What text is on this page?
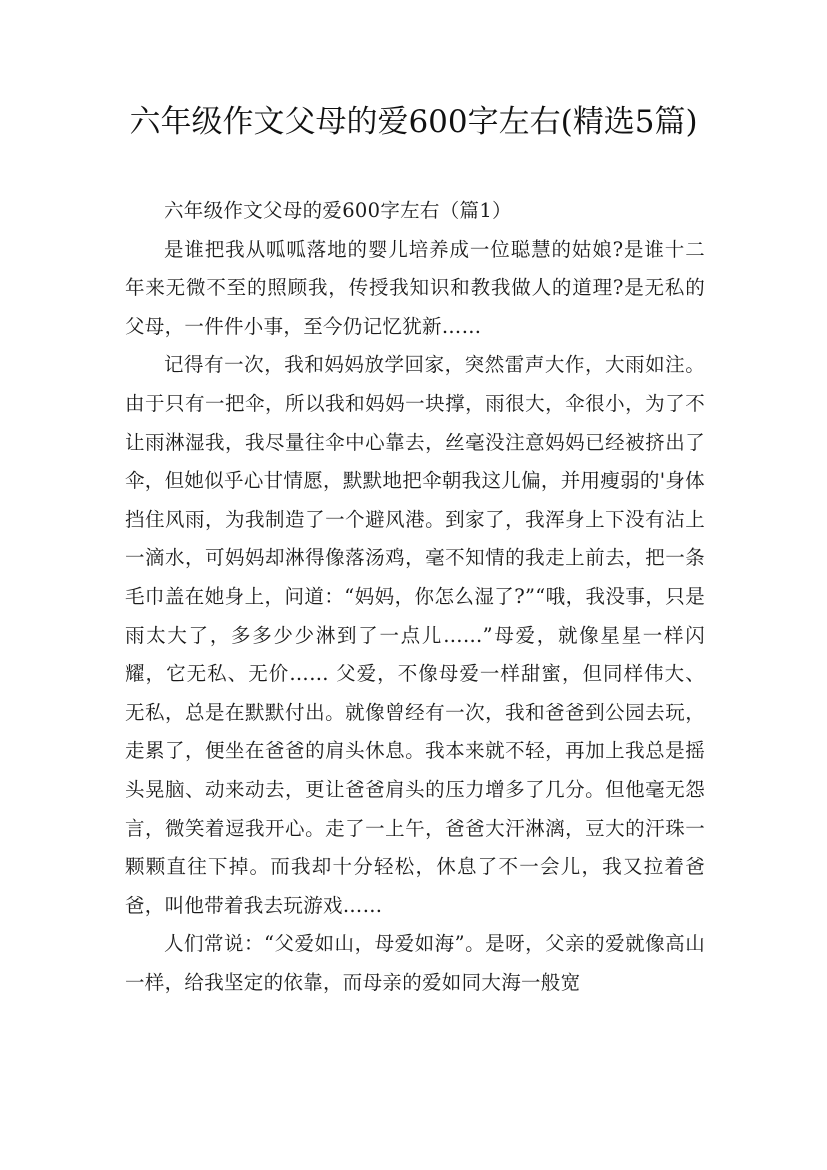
六年级作文父母的爱600字左右(精选5篇)
六年级作文父母的爱600字左右（篇1）

是谁把我从呱呱落地的婴儿培养成一位聪慧的姑娘?是谁十二年来无微不至的照顾我，传授我知识和教我做人的道理?是无私的父母，一件件小事，至今仍记忆犹新……

记得有一次，我和妈妈放学回家，突然雷声大作，大雨如注。由于只有一把伞，所以我和妈妈一块撑，雨很大，伞很小，为了不让雨淋湿我，我尽量往伞中心靠去，丝毫没注意妈妈已经被挤出了伞，但她似乎心甘情愿，默默地把伞朝我这儿偏，并用瘦弱的'身体挡住风雨，为我制造了一个避风港。到家了，我浑身上下没有沾上一滴水，可妈妈却淋得像落汤鸡，毫不知情的我走上前去，把一条毛巾盖在她身上，问道：“妈妈，你怎么湿了?”“哦，我没事，只是雨太大了，多多少少淋到了一点儿……”母爱，就像星星一样闪耀，它无私、无价…… 父爱，不像母爱一样甜蜜，但同样伟大、无私，总是在默默付出。就像曾经有一次，我和爸爸到公园去玩，走累了，便坐在爸爸的肩头休息。我本来就不轻，再加上我总是摇头晃脑、动来动去，更让爸爸肩头的压力增多了几分。但他毫无怨言，微笑着逗我开心。走了一上午，爸爸大汗淋漓，豆大的汗珠一颗颗直往下掉。而我却十分轻松，休息了不一会儿，我又拉着爸爸，叫他带着我去玩游戏……

人们常说：“父爱如山，母爱如海”。是呀，父亲的爱就像高山一样，给我坚定的依靠，而母亲的爱如同大海一般宽
